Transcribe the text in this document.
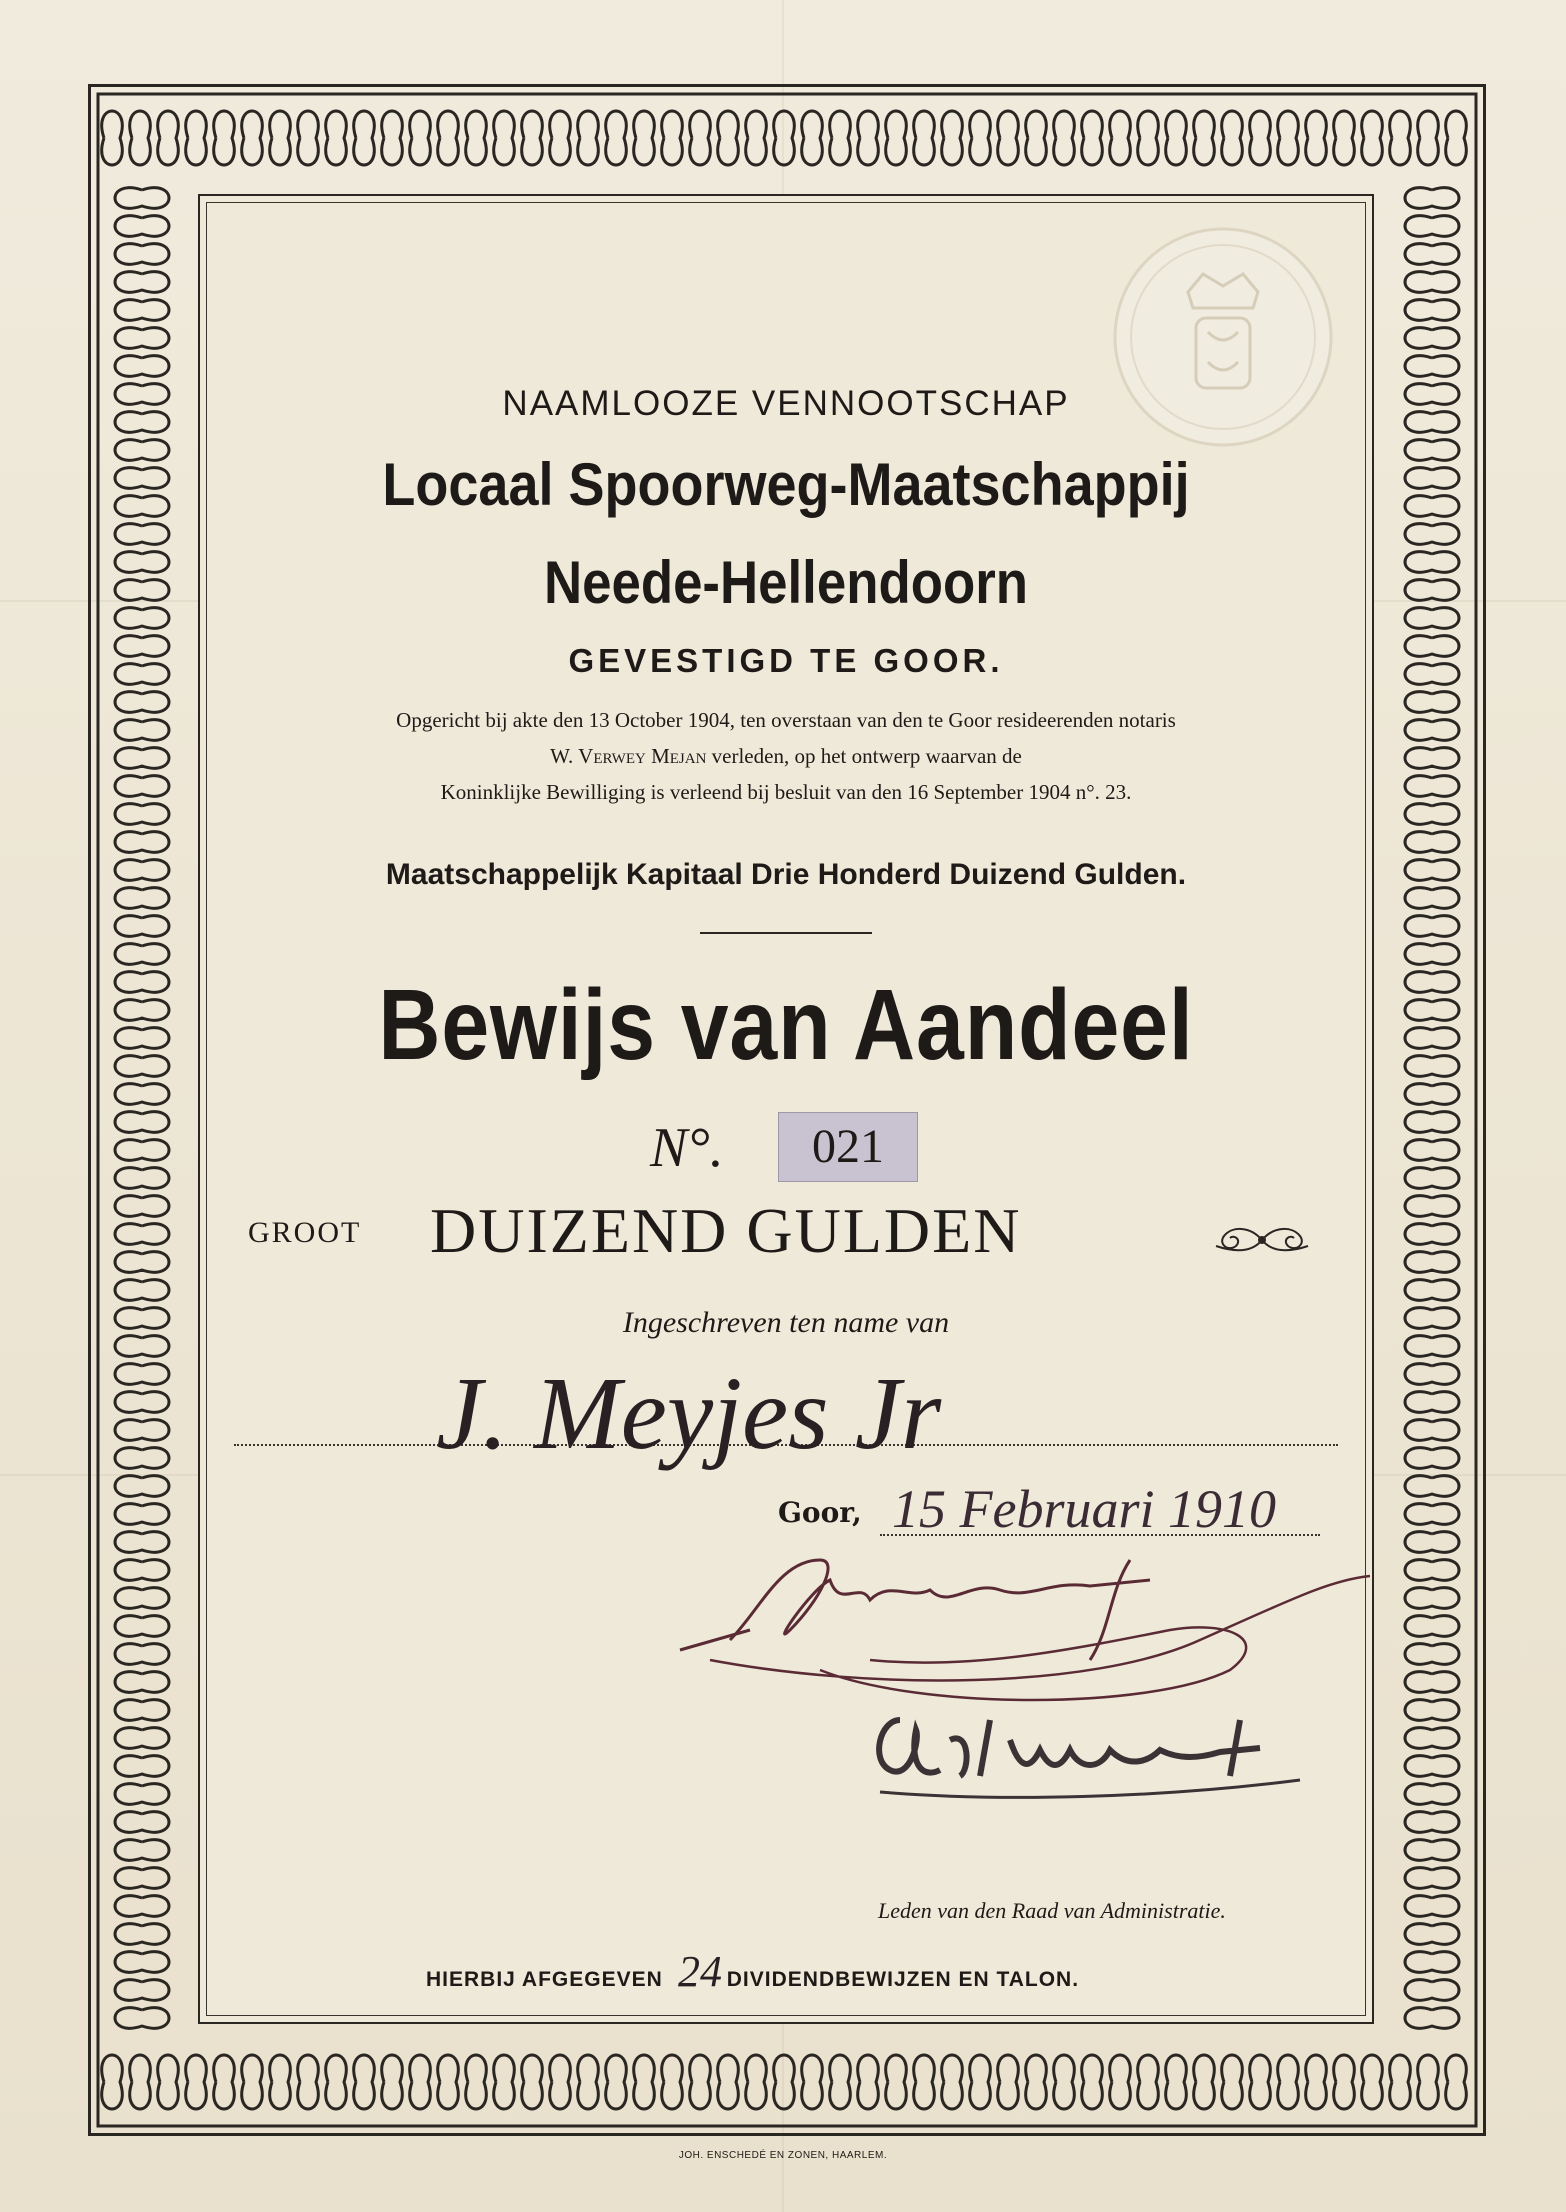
NAAMLOOZE VENNOOTSCHAP
Locaal Spoorweg-Maatschappij
Neede-Hellendoorn
GEVESTIGD TE GOOR.
Opgericht bij akte den 13 October 1904, ten overstaan van den te Goor resideerenden notaris
W. Verwey Mejan verleden, op het ontwerp waarvan de
Koninklijke Bewilliging is verleend bij besluit van den 16 September 1904 n°. 23.
Maatschappelijk Kapitaal Drie Honderd Duizend Gulden.
Bewijs van Aandeel
N°.	021
GROOT DUIZEND GULDEN
Ingeschreven ten name van
J. Meyjes Jr
Goor, 15 Februari 1910
Leden van den Raad van Administratie.
HIERBIJ AFGEGEVEN	DIVIDENDBEWIJZEN EN TALON.
24
JOH. ENSCHEDÉ EN ZONEN, HAARLEM.
